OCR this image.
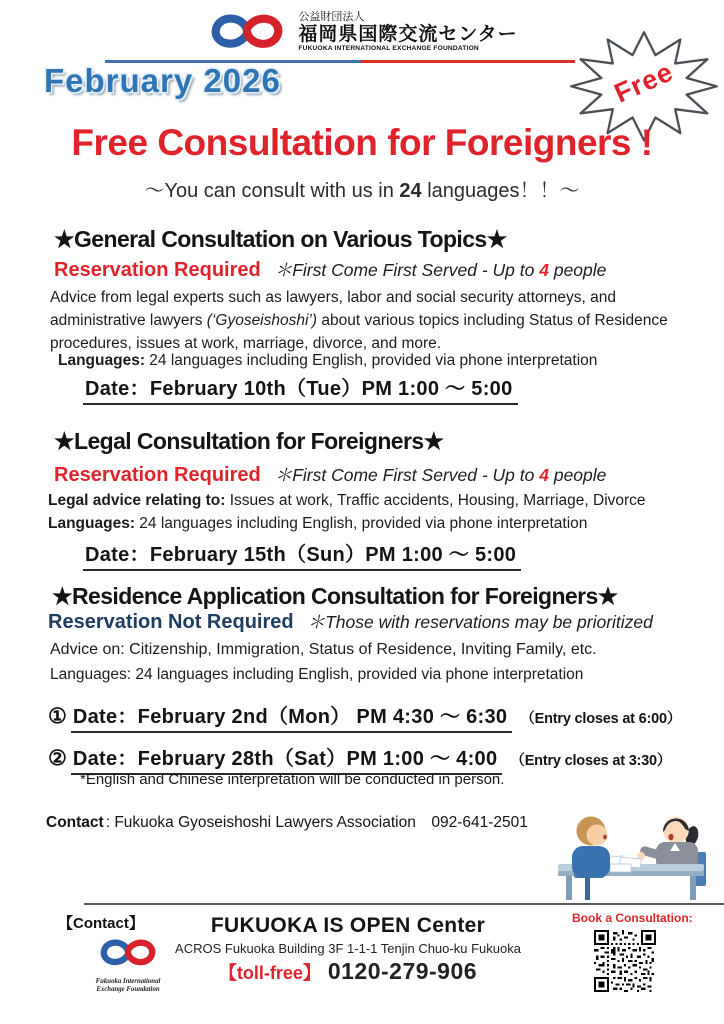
公益財団法人
福岡県国際交流センター
FUKUOKA INTERNATIONAL EXCHANGE FOUNDATION
February 2026	Free
Free Consultation for Foreigners !
～You can consult with us in 24 languages！！～
★General Consultation on Various Topics★
Reservation Required ＊First Come First Served - Up to 4 people
Advice from legal experts such as lawyers, labor and social security attorneys, and administrative lawyers (‘Gyoseishoshi’) about various topics including Status of Residence procedures, issues at work, marriage, divorce, and more.
Languages: 24 languages including English, provided via phone interpretation
Date：February 10th（Tue）PM 1:00 ～ 5:00
★Legal Consultation for Foreigners★
Reservation Required ＊First Come First Served - Up to 4 people
Legal advice relating to: Issues at work, Traffic accidents, Housing, Marriage, Divorce
Languages: 24 languages including English, provided via phone interpretation
Date：February 15th（Sun）PM 1:00 ～ 5:00
★Residence Application Consultation for Foreigners★
Reservation Not Required ＊Those with reservations may be prioritized
Advice on: Citizenship, Immigration, Status of Residence, Inviting Family, etc.
Languages: 24 languages including English, provided via phone interpretation
① Date：February 2nd（Mon） PM 4:30 ～ 6:30 （Entry closes at 6:00）
② Date：February 28th（Sat）PM 1:00 ～ 4:00 （Entry closes at 3:30）
*English and Chinese interpretation will be conducted in person.
Contact : Fukuoka Gyoseishoshi Lawyers Association　092-641-2501
【Contact】
Fukuoka International
Exchange Foundation
FUKUOKA IS OPEN Center
ACROS Fukuoka Building 3F 1-1-1 Tenjin Chuo-ku Fukuoka
【toll-free】 0120-279-906
Book a Consultation:
